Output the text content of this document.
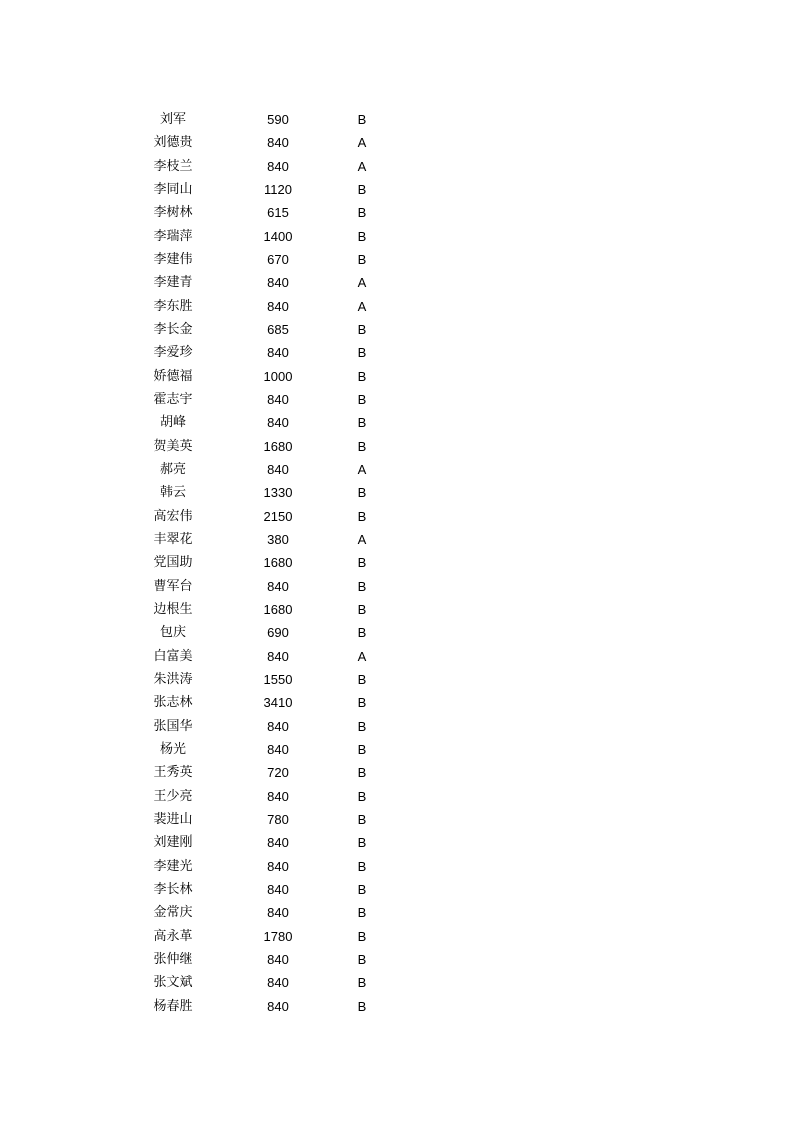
刘军	590	B
刘德贵	840	A
李枝兰	840	A
李同山	1120	B
李树林	615	B
李瑞萍	1400	B
李建伟	670	B
李建青	840	A
李东胜	840	A
李长金	685	B
李爱珍	840	B
娇德福	1000	B
霍志宇	840	B
胡峰	840	B
贺美英	1680	B
郝亮	840	A
韩云	1330	B
高宏伟	2150	B
丰翠花	380	A
党国助	1680	B
曹军台	840	B
边根生	1680	B
包庆	690	B
白富美	840	A
朱洪涛	1550	B
张志林	3410	B
张国华	840	B
杨光	840	B
王秀英	720	B
王少亮	840	B
裴进山	780	B
刘建刚	840	B
李建光	840	B
李长林	840	B
金常庆	840	B
高永革	1780	B
张仲继	840	B
张文斌	840	B
杨春胜	840	B
